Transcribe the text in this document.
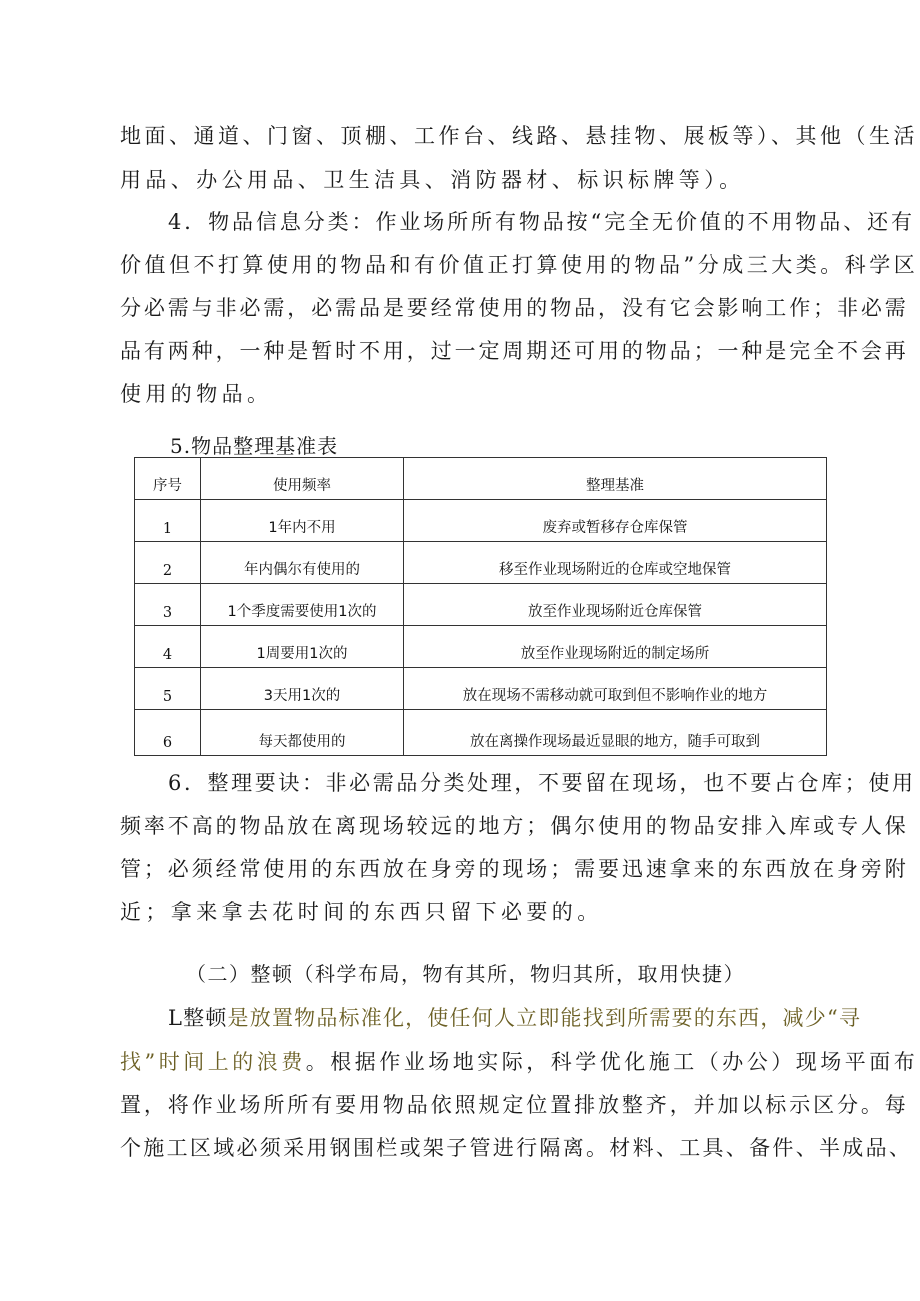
地面、通道、门窗、顶棚、工作台、线路、悬挂物、展板等）、其他（生活

用品、办公用品、卫生洁具、消防器材、标识标牌等）。

4．物品信息分类：作业场所所有物品按“完全无价值的不用物品、还有

价值但不打算使用的物品和有价值正打算使用的物品”分成三大类。科学区

分必需与非必需，必需品是要经常使用的物品，没有它会影响工作；非必需

品有两种，一种是暂时不用，过一定周期还可用的物品；一种是完全不会再

使用的物品。

5.物品整理基准表

序号	使用频率	整理基准
1	1年内不用	废弃或暂移存仓库保管
2	年内偶尔有使用的	移至作业现场附近的仓库或空地保管
3	1个季度需要使用1次的	放至作业现场附近仓库保管
4	1周要用1次的	放至作业现场附近的制定场所
5	3天用1次的	放在现场不需移动就可取到但不影响作业的地方
6	每天都使用的	放在离操作现场最近显眼的地方，随手可取到

6．整理要诀：非必需品分类处理，不要留在现场，也不要占仓库；使用

频率不高的物品放在离现场较远的地方；偶尔使用的物品安排入库或专人保

管；必须经常使用的东西放在身旁的现场；需要迅速拿来的东西放在身旁附

近；拿来拿去花时间的东西只留下必要的。

（二）整顿（科学布局，物有其所，物归其所，取用快捷）

L整顿是放置物品标准化，使任何人立即能找到所需要的东西，减少“寻

找”时间上的浪费。根据作业场地实际，科学优化施工（办公）现场平面布

置，将作业场所所有要用物品依照规定位置排放整齐，并加以标示区分。每

个施工区域必须采用钢围栏或架子管进行隔离。材料、工具、备件、半成品、
